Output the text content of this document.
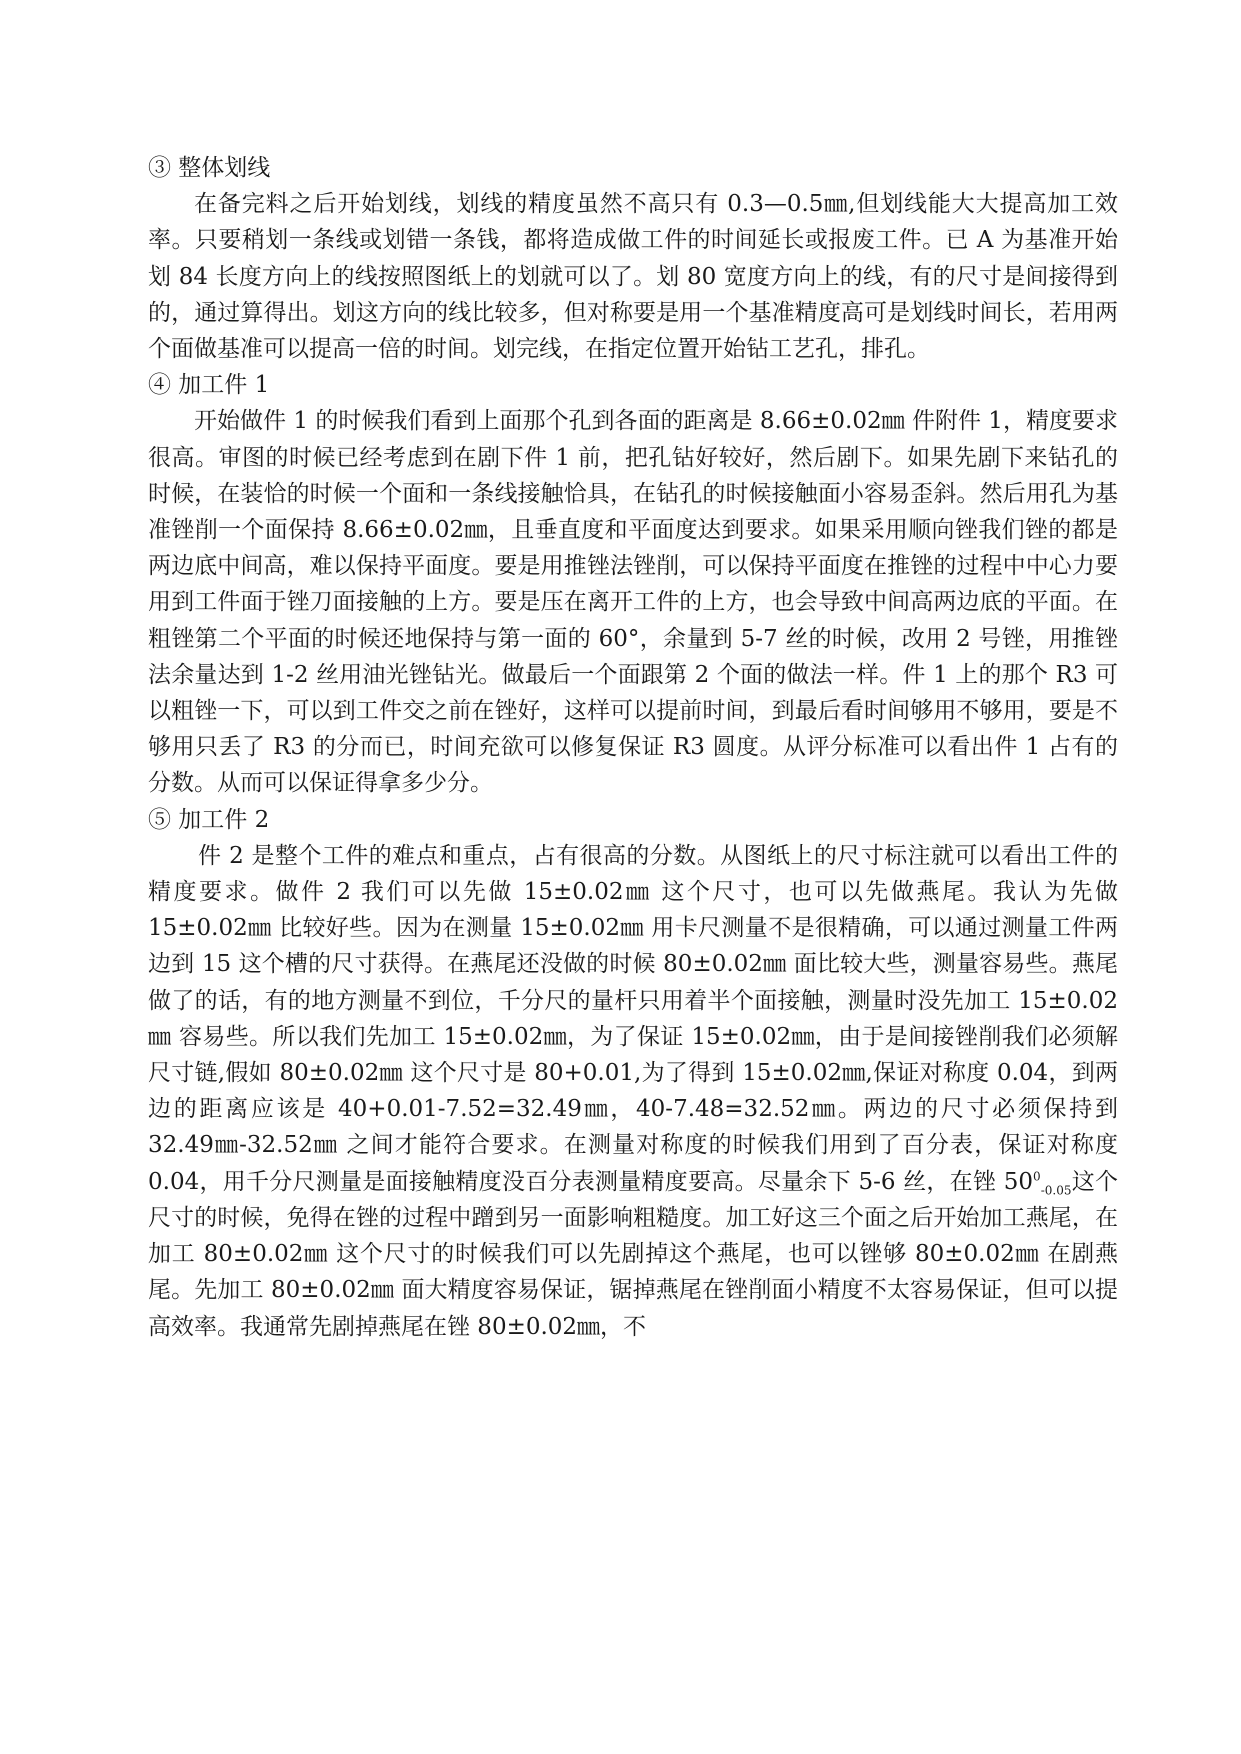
③ 整体划线

在备完料之后开始划线，划线的精度虽然不高只有 0.3—0.5㎜,但划线能大大提高加工效率。只要稍划一条线或划错一条钱，都将造成做工件的时间延长或报废工件。已 A 为基准开始划 84 长度方向上的线按照图纸上的划就可以了。划 80 宽度方向上的线，有的尺寸是间接得到的，通过算得出。划这方向的线比较多，但对称要是用一个基准精度高可是划线时间长，若用两个面做基准可以提高一倍的时间。划完线，在指定位置开始钻工艺孔，排孔。

④ 加工件 1

开始做件 1 的时候我们看到上面那个孔到各面的距离是 8.66±0.02㎜ 件附件 1，精度要求很高。审图的时候已经考虑到在剧下件 1 前，把孔钻好较好，然后剧下。如果先剧下来钻孔的时候，在装恰的时候一个面和一条线接触恰具，在钻孔的时候接触面小容易歪斜。然后用孔为基准锉削一个面保持 8.66±0.02㎜，且垂直度和平面度达到要求。如果采用顺向锉我们锉的都是两边底中间高，难以保持平面度。要是用推锉法锉削，可以保持平面度在推锉的过程中中心力要用到工件面于锉刀面接触的上方。要是压在离开工件的上方，也会导致中间高两边底的平面。在粗锉第二个平面的时候还地保持与第一面的 60°，余量到 5-7 丝的时候，改用 2 号锉，用推锉法余量达到 1-2 丝用油光锉钻光。做最后一个面跟第 2 个面的做法一样。件 1 上的那个 R3 可以粗锉一下，可以到工件交之前在锉好，这样可以提前时间，到最后看时间够用不够用，要是不够用只丢了 R3 的分而已，时间充欲可以修复保证 R3 圆度。从评分标准可以看出件 1 占有的分数。从而可以保证得拿多少分。

⑤ 加工件 2

件 2 是整个工件的难点和重点，占有很高的分数。从图纸上的尺寸标注就可以看出工件的精度要求。做件 2 我们可以先做 15±0.02㎜ 这个尺寸，也可以先做燕尾。我认为先做 15±0.02㎜ 比较好些。因为在测量 15±0.02㎜ 用卡尺测量不是很精确，可以通过测量工件两边到 15 这个槽的尺寸获得。在燕尾还没做的时候 80±0.02㎜ 面比较大些，测量容易些。燕尾做了的话，有的地方测量不到位，千分尺的量杆只用着半个面接触，测量时没先加工 15±0.02㎜ 容易些。所以我们先加工 15±0.02㎜，为了保证 15±0.02㎜，由于是间接锉削我们必须解尺寸链,假如 80±0.02㎜ 这个尺寸是 80+0.01,为了得到 15±0.02㎜,保证对称度 0.04，到两边的距离应该是 40+0.01-7.52=32.49㎜，40-7.48=32.52㎜。两边的尺寸必须保持到 32.49㎜-32.52㎜ 之间才能符合要求。在测量对称度的时候我们用到了百分表，保证对称度 0.04，用千分尺测量是面接触精度没百分表测量精度要高。尽量余下 5-6 丝，在锉 $50^0_{-0.05}$这个尺寸的时候，免得在锉的过程中蹭到另一面影响粗糙度。加工好这三个面之后开始加工燕尾，在加工 80±0.02㎜ 这个尺寸的时候我们可以先剧掉这个燕尾，也可以锉够 80±0.02㎜ 在剧燕尾。先加工 80±0.02㎜ 面大精度容易保证，锯掉燕尾在锉削面小精度不太容易保证，但可以提高效率。我通常先剧掉燕尾在锉 80±0.02㎜，不
